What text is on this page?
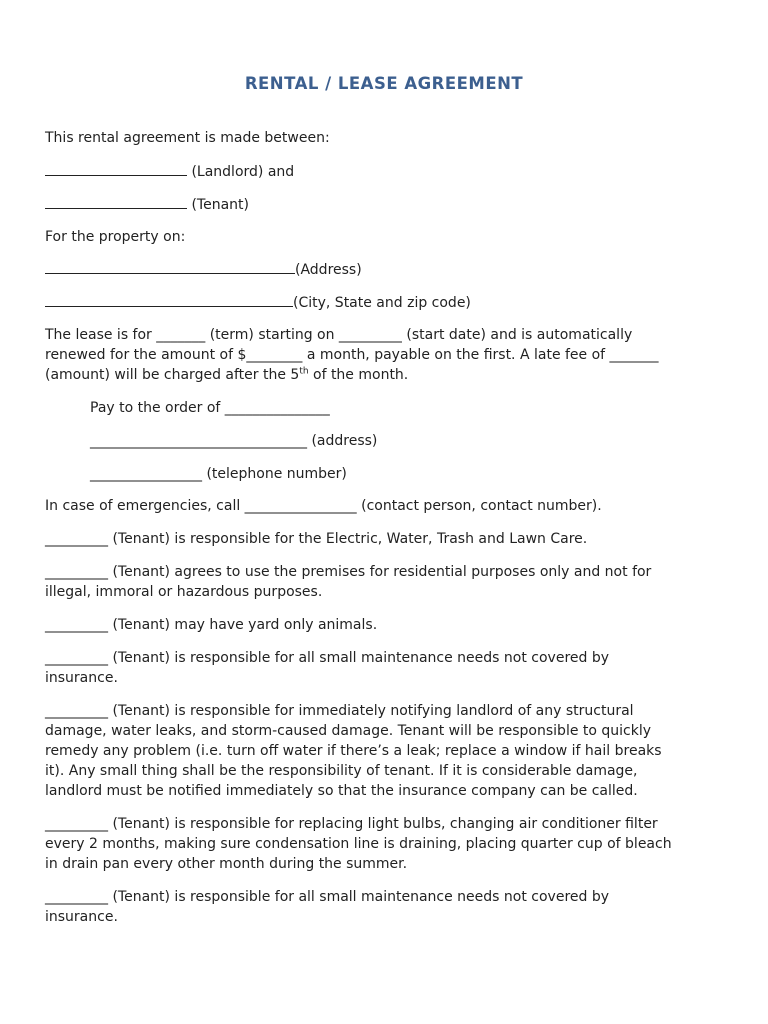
RENTAL / LEASE AGREEMENT
This rental agreement is made between:
(Landlord) and
(Tenant)
For the property on:
(Address)
(City, State and zip code)
The lease is for _______ (term) starting on _________ (start date) and is automatically
renewed for the amount of $________ a month, payable on the first. A late fee of _______
(amount) will be charged after the 5th of the month.
Pay to the order of _______________
_______________________________ (address)
________________ (telephone number)
In case of emergencies, call ________________ (contact person, contact number).
_________ (Tenant) is responsible for the Electric, Water, Trash and Lawn Care.
_________ (Tenant) agrees to use the premises for residential purposes only and not for
illegal, immoral or hazardous purposes.
_________ (Tenant) may have yard only animals.
_________ (Tenant) is responsible for all small maintenance needs not covered by
insurance.
_________ (Tenant) is responsible for immediately notifying landlord of any structural
damage, water leaks, and storm-caused damage. Tenant will be responsible to quickly
remedy any problem (i.e. turn off water if there’s a leak; replace a window if hail breaks
it). Any small thing shall be the responsibility of tenant. If it is considerable damage,
landlord must be notified immediately so that the insurance company can be called.
_________ (Tenant) is responsible for replacing light bulbs, changing air conditioner filter
every 2 months, making sure condensation line is draining, placing quarter cup of bleach
in drain pan every other month during the summer.
_________ (Tenant) is responsible for all small maintenance needs not covered by
insurance.
